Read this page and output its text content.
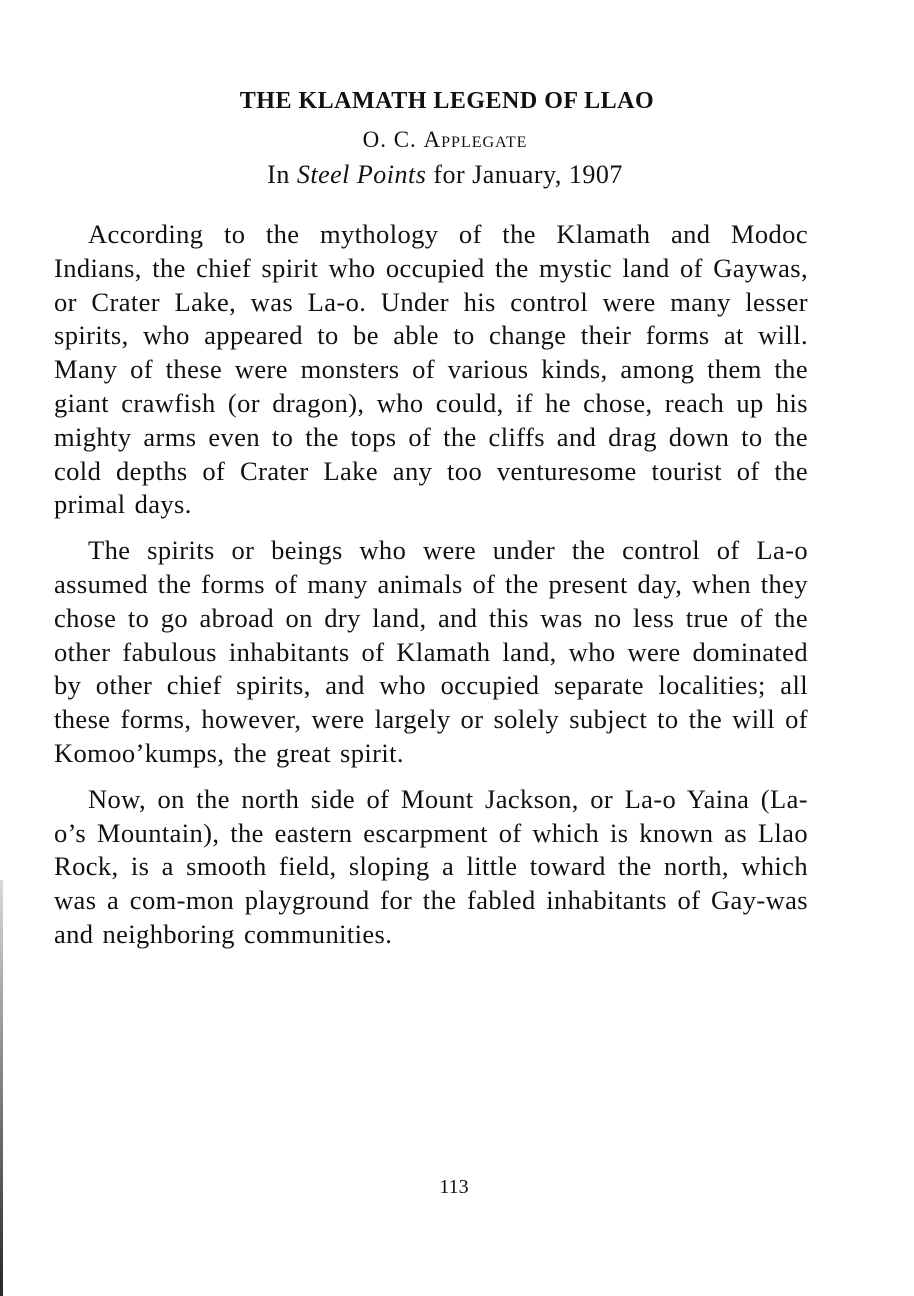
THE KLAMATH LEGEND OF LLAO
O. C. Applegate
In Steel Points for January, 1907

According to the mythology of the Klamath and Modoc Indians, the chief spirit who occupied the mystic land of Gaywas, or Crater Lake, was La-o. Under his control were many lesser spirits, who appeared to be able to change their forms at will. Many of these were monsters of various kinds, among them the giant crawfish (or dragon), who could, if he chose, reach up his mighty arms even to the tops of the cliffs and drag down to the cold depths of Crater Lake any too venturesome tourist of the primal days.

The spirits or beings who were under the control of La-o assumed the forms of many animals of the present day, when they chose to go abroad on dry land, and this was no less true of the other fabulous inhabitants of Klamath land, who were dominated by other chief spirits, and who occupied separate localities; all these forms, however, were largely or solely subject to the will of Komoo’kumps, the great spirit.

Now, on the north side of Mount Jackson, or La-o Yaina (La-o’s Mountain), the eastern escarpment of which is known as Llao Rock, is a smooth field, sloping a little toward the north, which was a com-mon playground for the fabled inhabitants of Gay-was and neighboring communities.

113
